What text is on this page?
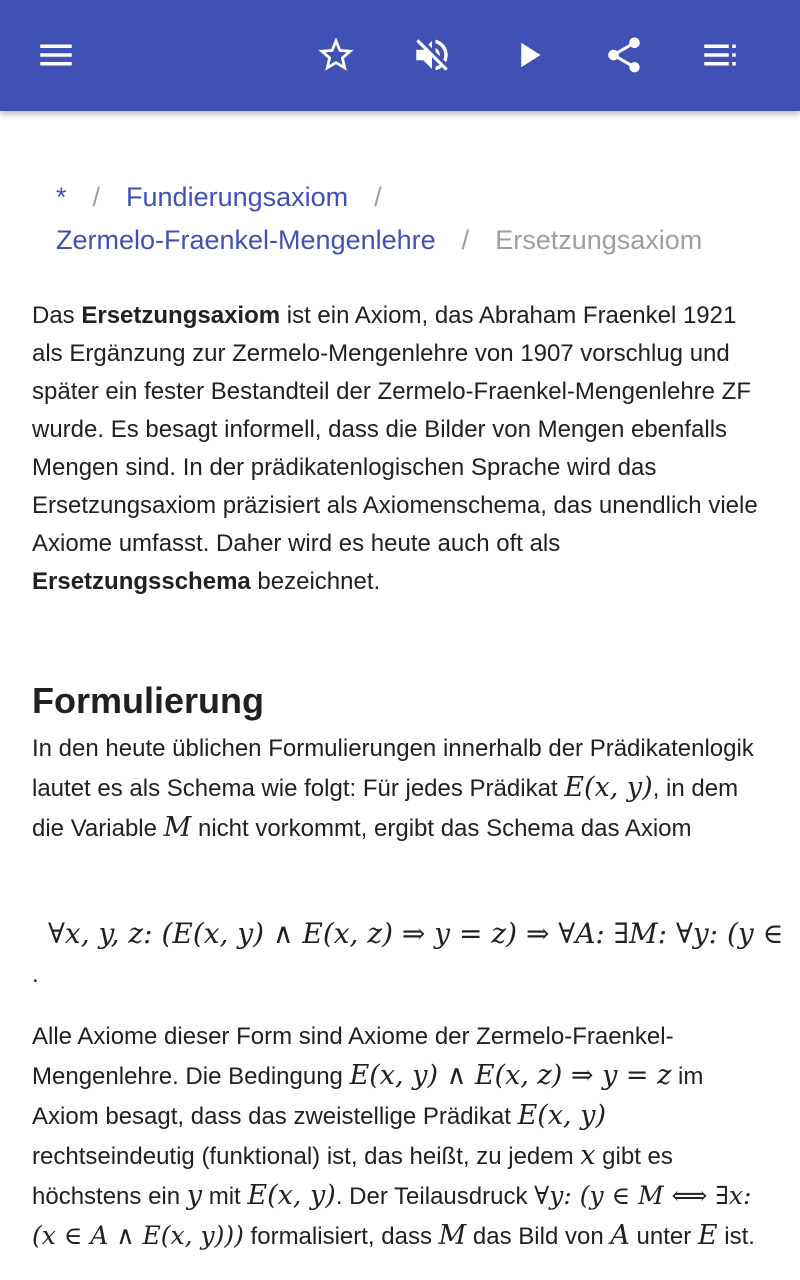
* / Fundierungsaxiom /
Zermelo-Fraenkel-Mengenlehre / Ersetzungsaxiom

Das Ersetzungsaxiom ist ein Axiom, das Abraham Fraenkel 1921 als Ergänzung zur Zermelo-Mengenlehre von 1907 vorschlug und später ein fester Bestandteil der Zermelo-Fraenkel-Mengenlehre ZF wurde. Es besagt informell, dass die Bilder von Mengen ebenfalls Mengen sind. In der prädikatenlogischen Sprache wird das Ersetzungsaxiom präzisiert als Axiomenschema, das unendlich viele Axiome umfasst. Daher wird es heute auch oft als Ersetzungsschema bezeichnet.

Formulierung

In den heute üblichen Formulierungen innerhalb der Prädikatenlogik lautet es als Schema wie folgt: Für jedes Prädikat E(x, y), in dem die Variable M nicht vorkommt, ergibt das Schema das Axiom

∀x, y, z: (E(x, y) ∧ E(x, z) ⇒ y = z) ⇒ ∀A: ∃M: ∀y: (y ∈
.

Alle Axiome dieser Form sind Axiome der Zermelo-Fraenkel-Mengenlehre. Die Bedingung E(x, y) ∧ E(x, z) ⇒ y = z im Axiom besagt, dass das zweistellige Prädikat E(x, y) rechtseindeutig (funktional) ist, das heißt, zu jedem x gibt es höchstens ein y mit E(x, y). Der Teilausdruck ∀y: (y ∈ M ⟺ ∃x: (x ∈ A ∧ E(x, y))) formalisiert, dass M das Bild von A unter E ist.
